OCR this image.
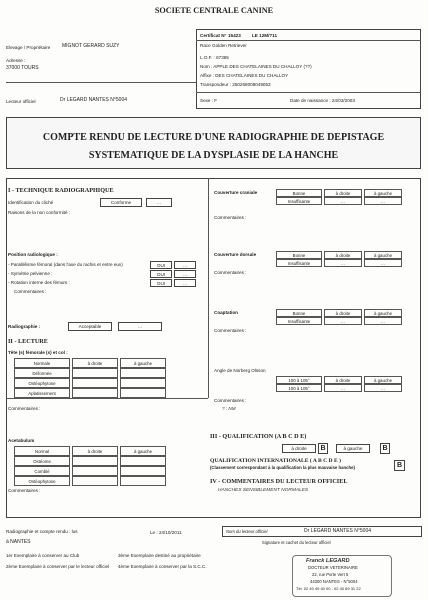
SOCIETE CENTRALE CANINE
Elevage / Propriétaire MIGNOT GERARD SUZY
Adresse :
37000 TOURS
Lecteur officiel	Dr LEGARD NANTES N°5004
Certificat N° 15423 LE 12M/?11
Race Golden Retriever
L.O.F. : 67365
Nom : APPLE DES CHATELAINES DU CHALLOY (??)
Affixe : DES CHATELAINES DU CHALLOY
Transpondeur : 250268008049053
Sexe : F	Date de naissance : 24/03/2003
COMPTE RENDU DE LECTURE D'UNE RADIOGRAPHIE DE DEPISTAGE
SYSTEMATIQUE DE LA DYSPLASIE DE LA HANCHE
I - TECHNIQUE RADIOGRAPHIQUE
Identification du cliché	Conforme	...
Raisons de la non conformité :
Position radiologique :
- Parallélisme fémoral (dans l'axe du rachis et entre eux)	OUI	...
- Symétrie pelvienne :	OUI	...
- Rotation interne des fémurs :	OUI	...
Commentaires :
Radiographie :	Acceptable	...
II - LECTURE
Tête (s) fémorale (s) et col :
Normale	à droite	à gauche
Déformée
Ostéophytose
Aplatissement
Commentaires :
Acetabulum
Normal	à droite	à gauche
Ostéome
Comblé
Ostéophytose
Commentaires :
Couverture craniale	Bonne	à droite	à gauche
Insuffisante	...	...
Commentaires :
Couverture dorsale	Bonne	à droite	à gauche
Insuffisante	...	...
Commentaires :
Coaptation	Bonne	à droite	à gauche
Insuffisante	...	...
Commentaires :
Angle de Norberg Olsson
100 à 105°	à droite	à gauche
100 à 105°	...	...
Commentaires :
? : NM
III - QUALIFICATION (A B C D E)
à droite	B	à gauche	B
QUALIFICATION INTERNATIONALE ( A B C D E )
(Classement correspondant à la qualification la plus mauvaise hanche)	B
IV - COMMENTAIRES DU LECTEUR OFFICIEL
HANCHES SENSIBLEMENT NORMALES
Radiographie et compte rendu : lus	Le : 24/10/2011
à NANTES
Nom du lecteur officiel	Dr LEGARD NANTES N°5004
Signature et cachet du lecteur officiel
1er Exemplaire à conserver au Club
2ème Exemplaire à conserver par le lecteur officiel
3ème Exemplaire destiné au propriétaire
4ème Exemplaire à conserver par la S.C.C.
Franck LEGARD
DOCTEUR VETERINAIRE
22, rue Porte Vert 5
44300 NANTES - N°5004
Tél. 02 40 49 40 00 - 02 40 69 31 22
